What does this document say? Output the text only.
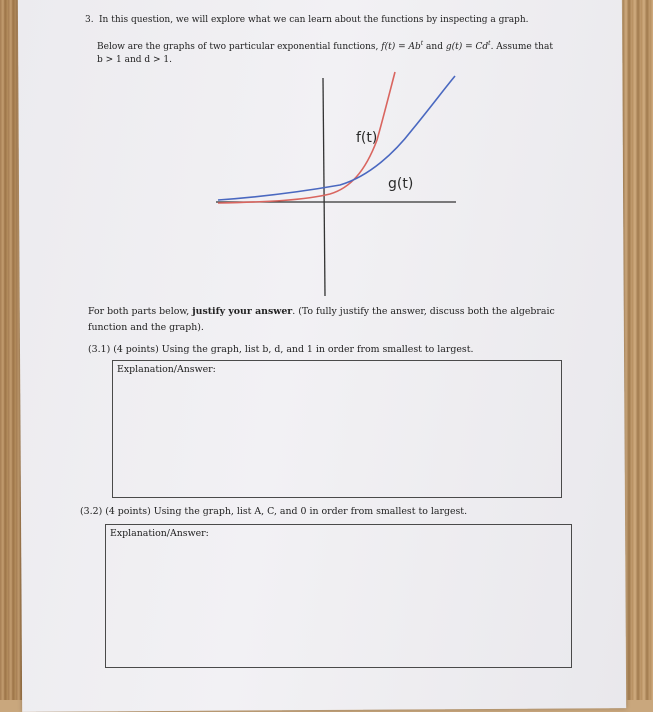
3. In this question, we will explore what we can learn about the functions by inspecting a graph.
Below are the graphs of two particular exponential functions, $f(t) = Ab^t$ and $g(t) = Cd^t$. Assume that
b > 1 and d > 1.
f(t)
g(t)
For both parts below, justify your answer. (To fully justify the answer, discuss both the algebraic
function and the graph).
(3.1) (4 points) Using the graph, list b, d, and 1 in order from smallest to largest.
Explanation/Answer:
(3.2) (4 points) Using the graph, list A, C, and 0 in order from smallest to largest.
Explanation/Answer:
